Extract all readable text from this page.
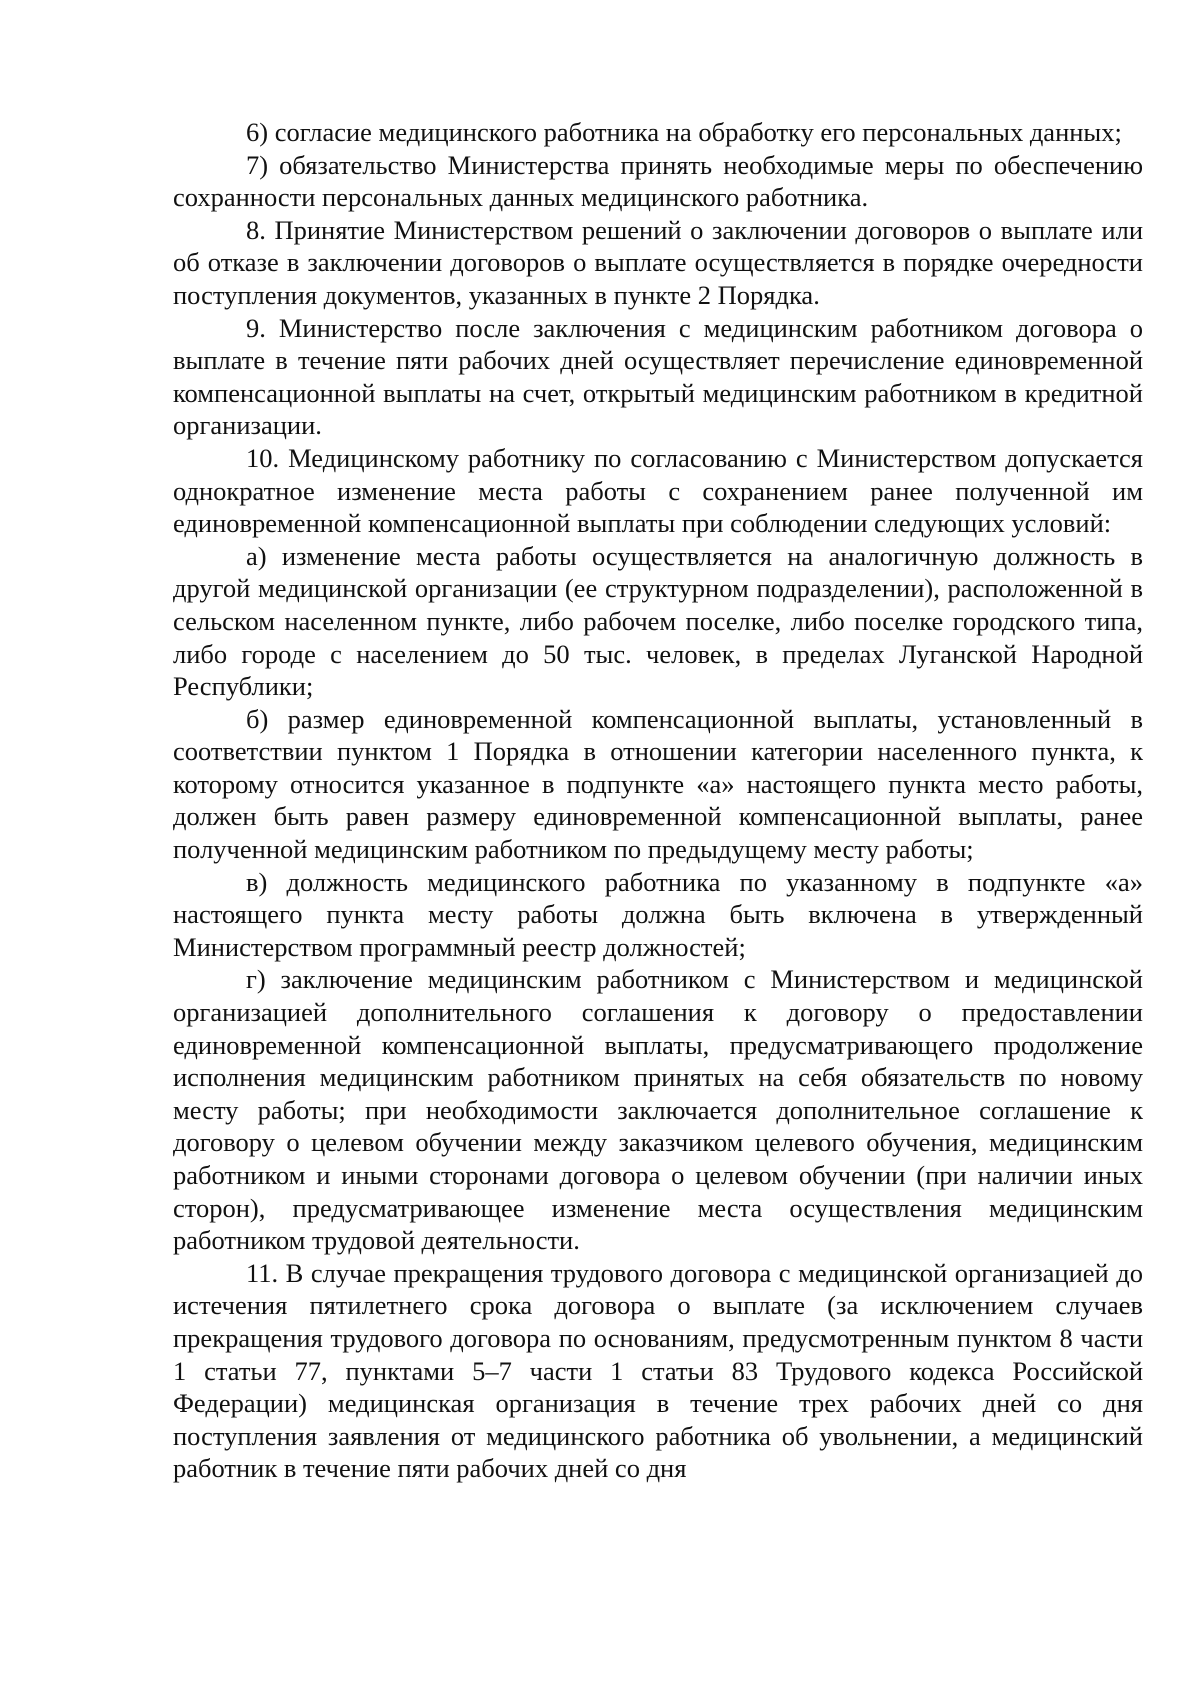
6) согласие медицинского работника на обработку его персональных данных;

7) обязательство Министерства принять необходимые меры по обеспечению сохранности персональных данных медицинского работника.

8. Принятие Министерством решений о заключении договоров о выплате или об отказе в заключении договоров о выплате осуществляется в порядке очередности поступления документов, указанных в пункте 2 Порядка.

9. Министерство после заключения с медицинским работником договора о выплате в течение пяти рабочих дней осуществляет перечисление единовременной компенсационной выплаты на счет, открытый медицинским работником в кредитной организации.

10. Медицинскому работнику по согласованию с Министерством допускается однократное изменение места работы с сохранением ранее полученной им единовременной компенсационной выплаты при соблюдении следующих условий:

а) изменение места работы осуществляется на аналогичную должность в другой медицинской организации (ее структурном подразделении), расположенной в сельском населенном пункте, либо рабочем поселке, либо поселке городского типа, либо городе с населением до 50 тыс. человек, в пределах Луганской Народной Республики;

б) размер единовременной компенсационной выплаты, установленный в соответствии пунктом 1 Порядка в отношении категории населенного пункта, к которому относится указанное в подпункте «а» настоящего пункта место работы, должен быть равен размеру единовременной компенсационной выплаты, ранее полученной медицинским работником по предыдущему месту работы;

в) должность медицинского работника по указанному в подпункте «а» настоящего пункта месту работы должна быть включена в утвержденный Министерством программный реестр должностей;

г) заключение медицинским работником с Министерством и медицинской организацией дополнительного соглашения к договору о предоставлении единовременной компенсационной выплаты, предусматривающего продолжение исполнения медицинским работником принятых на себя обязательств по новому месту работы; при необходимости заключается дополнительное соглашение к договору о целевом обучении между заказчиком целевого обучения, медицинским работником и иными сторонами договора о целевом обучении (при наличии иных сторон), предусматривающее изменение места осуществления медицинским работником трудовой деятельности.

11. В случае прекращения трудового договора с медицинской организацией до истечения пятилетнего срока договора о выплате (за исключением случаев прекращения трудового договора по основаниям, предусмотренным пунктом 8 части 1 статьи 77, пунктами 5–7 части 1 статьи 83 Трудового кодекса Российской Федерации) медицинская организация в течение трех рабочих дней со дня поступления заявления от медицинского работника об увольнении, а медицинский работник в течение пяти рабочих дней со дня
